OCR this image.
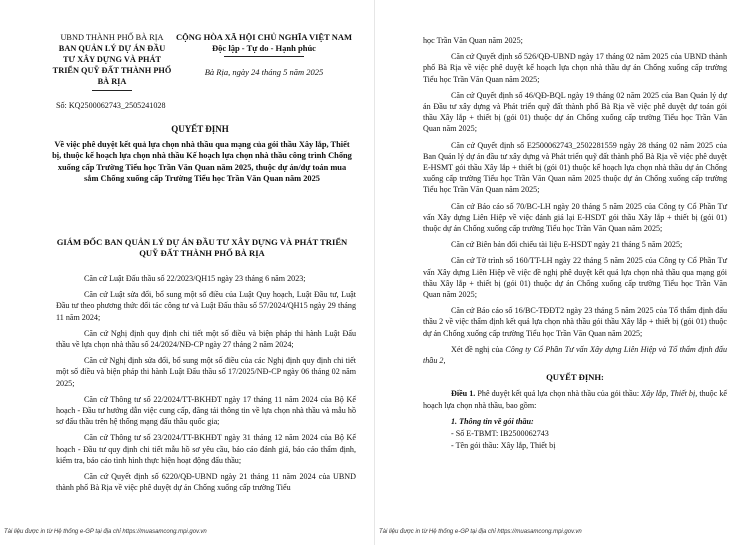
UBND THÀNH PHỐ BÀ RỊA
BAN QUẢN LÝ DỰ ÁN ĐẦU TƯ XÂY DỰNG VÀ PHÁT TRIỂN QUỸ ĐẤT THÀNH PHỐ BÀ RỊA
CỘNG HÒA XÃ HỘI CHỦ NGHĨA VIỆT NAM
Độc lập - Tự do - Hạnh phúc
Bà Rịa, ngày 24 tháng 5 năm 2025
Số: KQ2500062743_2505241028
QUYẾT ĐỊNH
Về việc phê duyệt kết quả lựa chọn nhà thầu qua mạng của gói thầu Xây lắp, Thiết bị, thuộc kế hoạch lựa chọn nhà thầu Kế hoạch lựa chọn nhà thầu công trình Chống xuống cấp Trường Tiểu học Trần Văn Quan năm 2025, thuộc dự án/dự toán mua sắm Chống xuống cấp Trường Tiểu học Trần Văn Quan năm 2025
GIÁM ĐỐC BAN QUẢN LÝ DỰ ÁN ĐẦU TƯ XÂY DỰNG VÀ PHÁT TRIỂN QUỸ ĐẤT THÀNH PHỐ BÀ RỊA

Căn cứ Luật Đấu thầu số 22/2023/QH15 ngày 23 tháng 6 năm 2023;

Căn cứ Luật sửa đổi, bổ sung một số điều của Luật Quy hoạch, Luật Đầu tư, Luật Đầu tư theo phương thức đối tác công tư và Luật Đấu thầu số 57/2024/QH15 ngày 29 tháng 11 năm 2024;

Căn cứ Nghị định quy định chi tiết một số điều và biện pháp thi hành Luật Đấu thầu về lựa chọn nhà thầu số 24/2024/NĐ-CP ngày 27 tháng 2 năm 2024;

Căn cứ Nghị định sửa đổi, bổ sung một số điều của các Nghị định quy định chi tiết một số điều và biện pháp thi hành Luật Đấu thầu số 17/2025/NĐ-CP ngày 06 tháng 02 năm 2025;

Căn cứ Thông tư số 22/2024/TT-BKHĐT ngày 17 tháng 11 năm 2024 của Bộ Kế hoạch - Đầu tư hướng dẫn việc cung cấp, đăng tải thông tin về lựa chọn nhà thầu và mẫu hồ sơ đấu thầu trên hệ thống mạng đấu thầu quốc gia;

Căn cứ Thông tư số 23/2024/TT-BKHĐT ngày 31 tháng 12 năm 2024 của Bộ Kế hoạch - Đầu tư quy định chi tiết mẫu hồ sơ yêu cầu, báo cáo đánh giá, báo cáo thẩm định, kiểm tra, báo cáo tình hình thực hiện hoạt động đấu thầu;

Căn cứ Quyết định số 6220/QĐ-UBND ngày 21 tháng 11 năm 2024 của UBND thành phố Bà Rịa về việc phê duyệt dự án Chống xuống cấp trường Tiểu

Tài liệu được in từ Hệ thống e-GP tại địa chỉ https://muasamcong.mpi.gov.vn

học Trần Văn Quan năm 2025;

Căn cứ Quyết định số 526/QĐ-UBND ngày 17 tháng 02 năm 2025 của UBND thành phố Bà Rịa về việc phê duyệt kế hoạch lựa chọn nhà thầu dự án Chống xuống cấp trường Tiểu học Trần Văn Quan năm 2025;

Căn cứ Quyết định số 46/QĐ-BQL ngày 19 tháng 02 năm 2025 của Ban Quản lý dự án Đầu tư xây dựng và Phát triển quỹ đất thành phố Bà Rịa về việc phê duyệt dự toán gói thầu Xây lắp + thiết bị (gói 01) thuộc dự án Chống xuống cấp trường Tiểu học Trần Văn Quan năm 2025;

Căn cứ Quyết định số E2500062743_2502281559 ngày 28 tháng 02 năm 2025 của Ban Quản lý dự án đầu tư xây dựng và Phát triển quỹ đất thành phố Bà Rịa về việc phê duyệt E-HSMT gói thầu Xây lắp + thiết bị (gói 01) thuộc kế hoạch lựa chọn nhà thầu dự án Chống xuống cấp trường Tiểu học Trần Văn Quan năm 2025 thuộc dự án Chống xuống cấp trường Tiểu học Trần Văn Quan năm 2025;

Căn cứ Báo cáo số 70/BC-LH ngày 20 tháng 5 năm 2025 của Công ty Cổ Phần Tư vấn Xây dựng Liên Hiệp về việc đánh giá lại E-HSDT gói thầu Xây lắp + thiết bị (gói 01) thuộc dự án Chống xuống cấp trường Tiểu học Trần Văn Quan năm 2025;

Căn cứ Biên bản đối chiếu tài liệu E-HSDT ngày 21 tháng 5 năm 2025;

Căn cứ Tờ trình số 160/TT-LH ngày 22 tháng 5 năm 2025 của Công ty Cổ Phần Tư vấn Xây dựng Liên Hiệp về việc đề nghị phê duyệt kết quả lựa chọn nhà thầu qua mạng gói thầu Xây lắp + thiết bị (gói 01) thuộc dự án Chống xuống cấp trường Tiểu học Trần Văn Quan năm 2025;

Căn cứ Báo cáo số 16/BC-TĐĐT2 ngày 23 tháng 5 năm 2025 của Tổ thẩm định đấu thầu 2 về việc thẩm định kết quả lựa chọn nhà thầu gói thầu Xây lắp + thiết bị (gói 01) thuộc dự án Chống xuống cấp trường Tiểu học Trần Văn Quan năm 2025;

Xét đề nghị của Công ty Cổ Phần Tư vấn Xây dựng Liên Hiệp và Tổ thẩm định đấu thầu 2,

QUYẾT ĐỊNH:

Điều 1. Phê duyệt kết quả lựa chọn nhà thầu của gói thầu: Xây lắp, Thiết bị, thuộc kế hoạch lựa chọn nhà thầu, bao gồm:

1. Thông tin về gói thầu:

- Số E-TBMT: IB2500062743

- Tên gói thầu: Xây lắp, Thiết bị

Tài liệu được in từ Hệ thống e-GP tại địa chỉ https://muasamcong.mpi.gov.vn
